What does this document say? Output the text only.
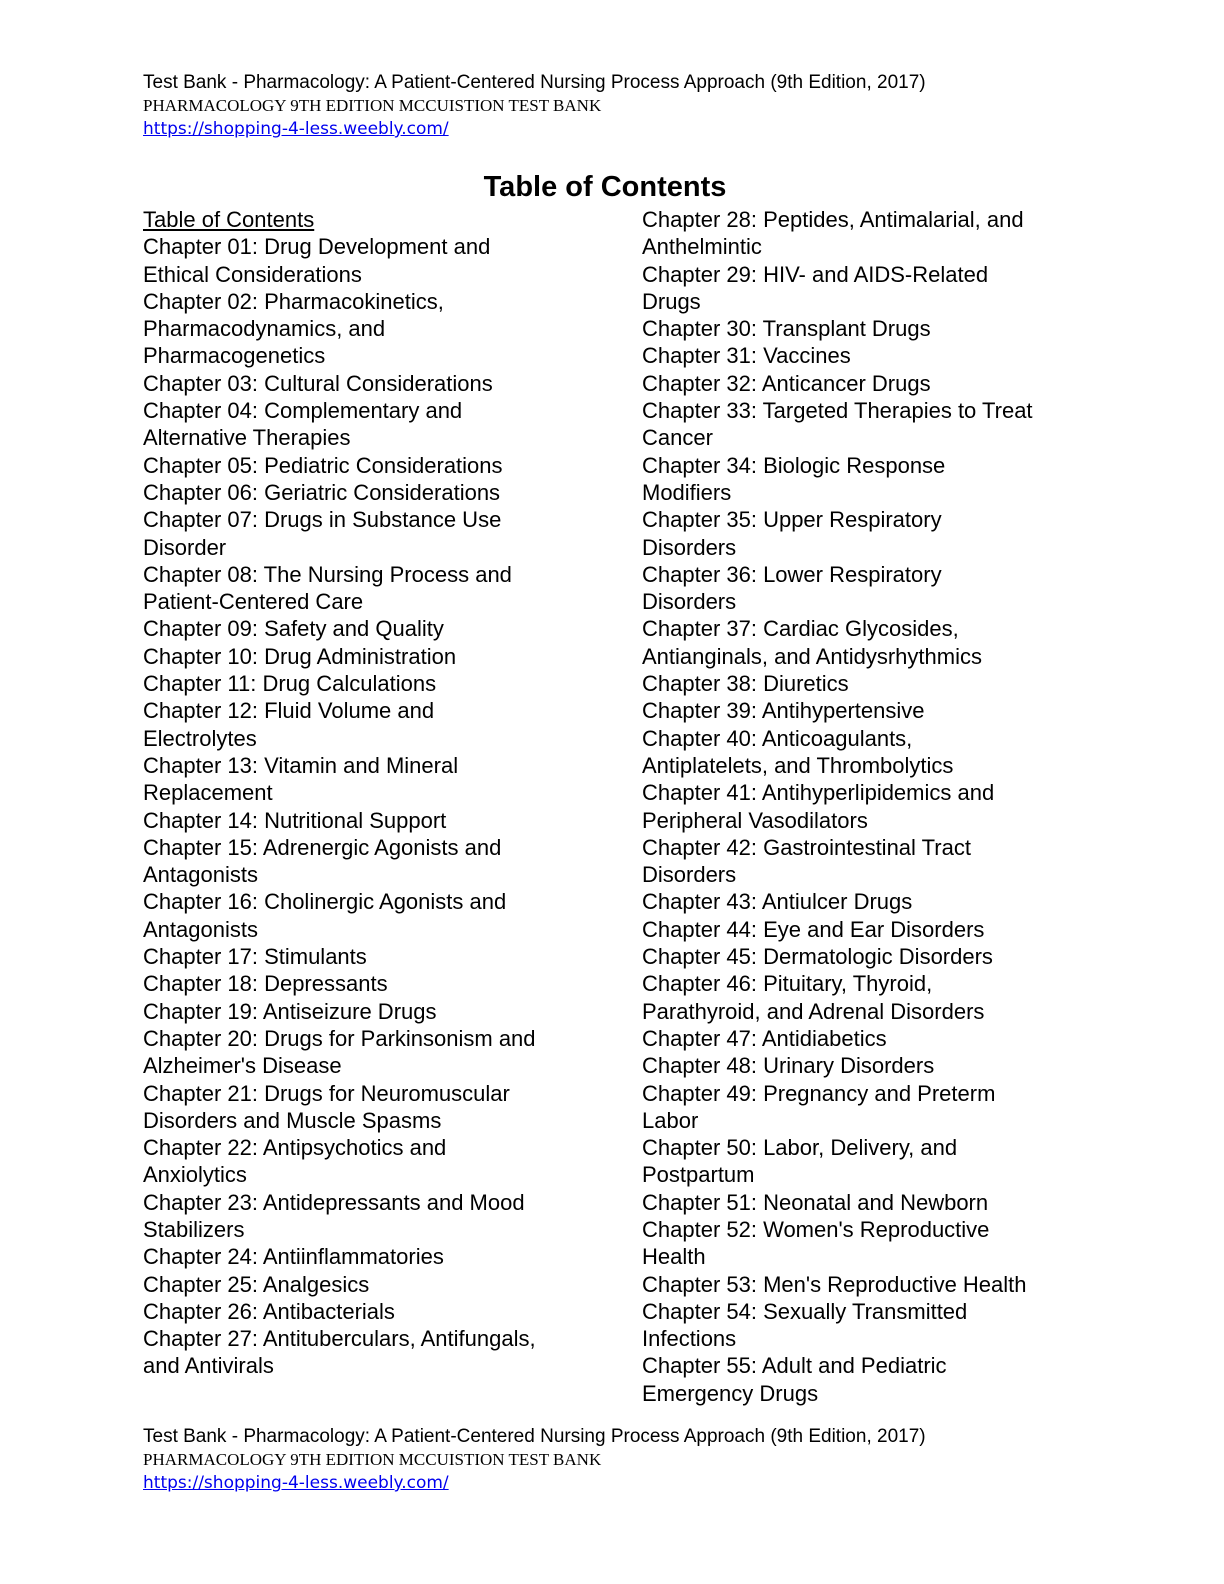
Test Bank - Pharmacology: A Patient-Centered Nursing Process Approach (9th Edition, 2017)
PHARMACOLOGY 9TH EDITION MCCUISTION TEST BANK
https://shopping-4-less.weebly.com/
Table of Contents
Table of Contents
Chapter 01: Drug Development and
Ethical Considerations
Chapter 02: Pharmacokinetics,
Pharmacodynamics, and
Pharmacogenetics
Chapter 03: Cultural Considerations
Chapter 04: Complementary and
Alternative Therapies
Chapter 05: Pediatric Considerations
Chapter 06: Geriatric Considerations
Chapter 07: Drugs in Substance Use
Disorder
Chapter 08: The Nursing Process and
Patient-Centered Care
Chapter 09: Safety and Quality
Chapter 10: Drug Administration
Chapter 11: Drug Calculations
Chapter 12: Fluid Volume and
Electrolytes
Chapter 13: Vitamin and Mineral
Replacement
Chapter 14: Nutritional Support
Chapter 15: Adrenergic Agonists and
Antagonists
Chapter 16: Cholinergic Agonists and
Antagonists
Chapter 17: Stimulants
Chapter 18: Depressants
Chapter 19: Antiseizure Drugs
Chapter 20: Drugs for Parkinsonism and
Alzheimer's Disease
Chapter 21: Drugs for Neuromuscular
Disorders and Muscle Spasms
Chapter 22: Antipsychotics and
Anxiolytics
Chapter 23: Antidepressants and Mood
Stabilizers
Chapter 24: Antiinflammatories
Chapter 25: Analgesics
Chapter 26: Antibacterials
Chapter 27: Antituberculars, Antifungals,
and Antivirals
Chapter 28: Peptides, Antimalarial, and
Anthelmintic
Chapter 29: HIV- and AIDS-Related
Drugs
Chapter 30: Transplant Drugs
Chapter 31: Vaccines
Chapter 32: Anticancer Drugs
Chapter 33: Targeted Therapies to Treat
Cancer
Chapter 34: Biologic Response
Modifiers
Chapter 35: Upper Respiratory
Disorders
Chapter 36: Lower Respiratory
Disorders
Chapter 37: Cardiac Glycosides,
Antianginals, and Antidysrhythmics
Chapter 38: Diuretics
Chapter 39: Antihypertensive
Chapter 40: Anticoagulants,
Antiplatelets, and Thrombolytics
Chapter 41: Antihyperlipidemics and
Peripheral Vasodilators
Chapter 42: Gastrointestinal Tract
Disorders
Chapter 43: Antiulcer Drugs
Chapter 44: Eye and Ear Disorders
Chapter 45: Dermatologic Disorders
Chapter 46: Pituitary, Thyroid,
Parathyroid, and Adrenal Disorders
Chapter 47: Antidiabetics
Chapter 48: Urinary Disorders
Chapter 49: Pregnancy and Preterm
Labor
Chapter 50: Labor, Delivery, and
Postpartum
Chapter 51: Neonatal and Newborn
Chapter 52: Women's Reproductive
Health
Chapter 53: Men's Reproductive Health
Chapter 54: Sexually Transmitted
Infections
Chapter 55: Adult and Pediatric
Emergency Drugs
Test Bank - Pharmacology: A Patient-Centered Nursing Process Approach (9th Edition, 2017)
PHARMACOLOGY 9TH EDITION MCCUISTION TEST BANK
https://shopping-4-less.weebly.com/
